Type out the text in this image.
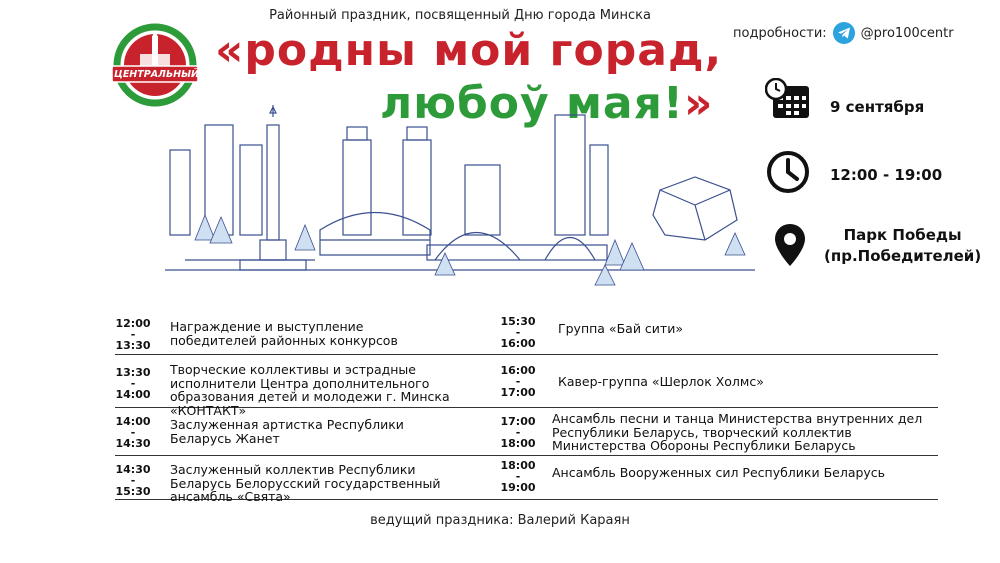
Районный праздник, посвященный Дню города Минска
подробности:	@pro100centr
ЦЕНТРАЛЬНЫЙ «родны мой горад,
любоў мая!»	9 сентября
12:00 - 19:00
Парк Победы
(пр.Победителей)
12:00
-
13:30
Награждение и выступление победителей районных конкурсов
13:30
-
14:00
Творческие коллективы и эстрадные исполнители Центра дополнительного образования детей и молодежи г. Минска «КОНТАКТ»
14:00
-
14:30
Заслуженная артистка Республики Беларусь Жанет
14:30
-
15:30
Заслуженный коллектив Республики Беларусь Белорусский государственный ансамбль «Свята»
15:30
-
16:00
Группа «Бай сити»
16:00
-
17:00
Кавер-группа «Шерлок Холмс»
17:00
-
18:00
Ансамбль песни и танца Министерства внутренних дел Республики Беларусь, творческий коллектив Министерства Обороны Республики Беларусь
18:00
-
19:00
Ансамбль Вооруженных сил Республики Беларусь
ведущий праздника: Валерий Караян
